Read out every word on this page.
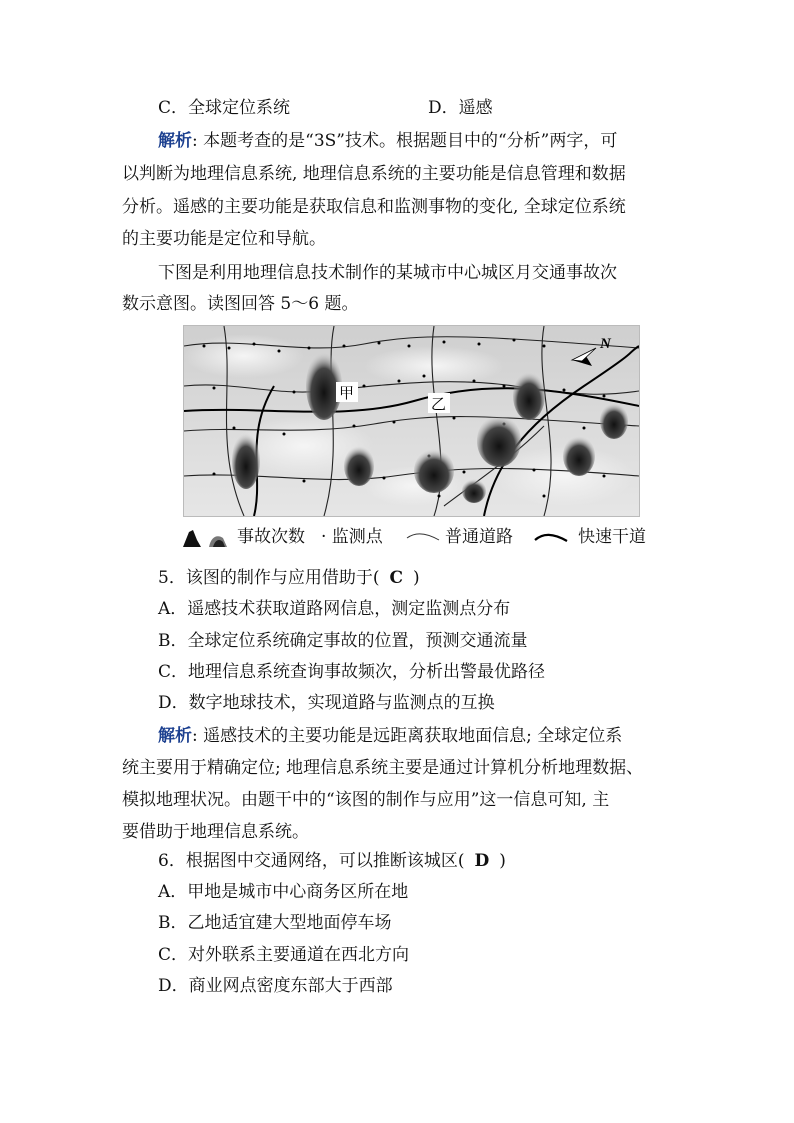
C．全球定位系统	D．遥感
解析: 本题考查的是“3S”技术。根据题目中的“分析”两字，可
以判断为地理信息系统, 地理信息系统的主要功能是信息管理和数据
分析。遥感的主要功能是获取信息和监测事物的变化, 全球定位系统
的主要功能是定位和导航。
下图是利用地理信息技术制作的某城市中心城区月交通事故次
数示意图。读图回答 5～6 题。
N
甲
乙
事故次数 · 监测点	普通道路	快速干道
5．该图的制作与应用借助于( C )
A．遥感技术获取道路网信息，测定监测点分布
B．全球定位系统确定事故的位置，预测交通流量
C．地理信息系统查询事故频次，分析出警最优路径
D．数字地球技术，实现道路与监测点的互换
解析: 遥感技术的主要功能是远距离获取地面信息; 全球定位系
统主要用于精确定位; 地理信息系统主要是通过计算机分析地理数据、
模拟地理状况。由题干中的“该图的制作与应用”这一信息可知, 主
要借助于地理信息系统。
6．根据图中交通网络，可以推断该城区( D )
A．甲地是城市中心商务区所在地
B．乙地适宜建大型地面停车场
C．对外联系主要通道在西北方向
D．商业网点密度东部大于西部
